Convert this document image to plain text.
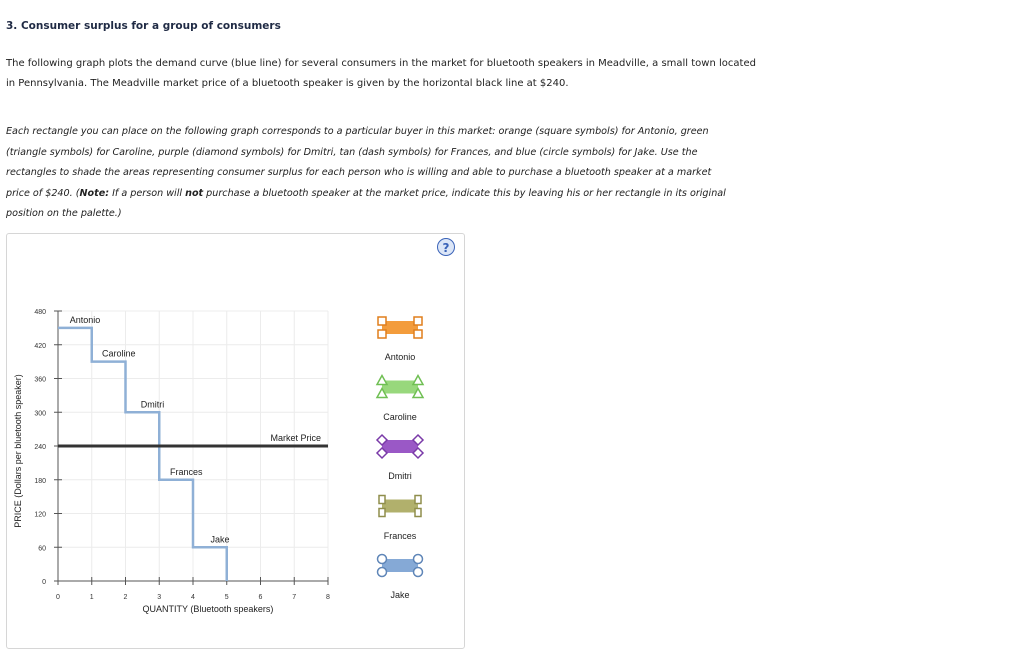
3. Consumer surplus for a group of consumers
The following graph plots the demand curve (blue line) for several consumers in the market for bluetooth speakers in Meadville, a small town located
in Pennsylvania. The Meadville market price of a bluetooth speaker is given by the horizontal black line at $240.
Each rectangle you can place on the following graph corresponds to a particular buyer in this market: orange (square symbols) for Antonio, green
(triangle symbols) for Caroline, purple (diamond symbols) for Dmitri, tan (dash symbols) for Frances, and blue (circle symbols) for Jake. Use the
rectangles to shade the areas representing consumer surplus for each person who is willing and able to purchase a bluetooth speaker at a market
price of $240. (Note: If a person will not purchase a bluetooth speaker at the market price, indicate this by leaving his or her rectangle in its original
position on the palette.)
?
0	1	2	3	4	5	6	7	8
0
60
120
180
240
300
360
420
480
QUANTITY (Bluetooth speakers)
PRICE (Dollars per bluetooth speaker)
Antonio
Caroline
Dmitri
Frances
Jake
Market Price
Antonio
Caroline
Dmitri
Frances
Jake
